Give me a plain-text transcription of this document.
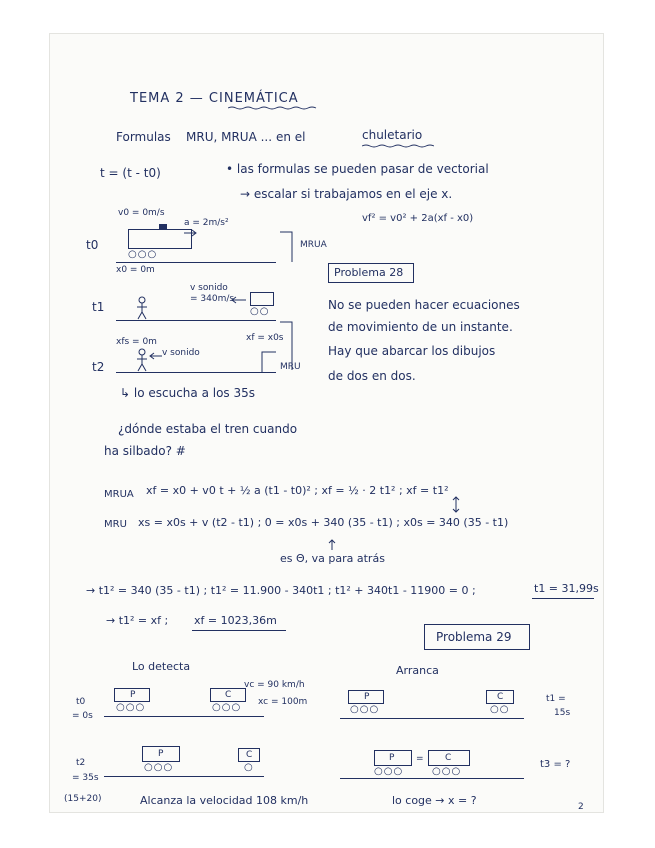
TEMA 2 — CINEMÁTICA
Formulas MRU, MRUA ... en el	chuletario
t = (t - t0)	• las formulas se pueden pasar de vectorial
→ escalar si trabajamos en el eje x.
vf² = v0² + 2a(xf - x0)
v0 = 0m/s
a = 2m/s²
t0
○○○
x0 = 0m
MRUA
v sonido
= 340m/s
t1	○○
xf = x0s
xfs = 0m
v sonido
t2	MRU
↳ lo escucha a los 35s
Problema 28
No se pueden hacer ecuaciones
de movimiento de un instante.
Hay que abarcar los dibujos
de dos en dos.
¿dónde estaba el tren cuando
ha silbado? #
MRUA xf = x0 + v0 t + ½ a (t1 - t0)² ; xf = ½ · 2 t1² ; xf = t1²
MRU xs = x0s + v (t2 - t1) ; 0 = x0s + 340 (35 - t1) ; x0s = 340 (35 - t1)
es Θ, va para atrás
→ t1² = 340 (35 - t1) ; t1² = 11.900 - 340t1 ; t1² + 340t1 - 11900 = 0 ;	t1 = 31,99s
→ t1² = xf ; xf = 1023,36m
Problema 29
Lo detecta	Arranca
vc = 90 km/h
xc = 100m
t0
= 0s
P
○○○
C
○○○
P
○○○
C
○○
t1 =
15s
t2
= 35s
P
○○○
C
○
P
○○○
= C
○○○
t3 = ?
(15+20)	Alcanza la velocidad 108 km/h	lo coge → x = ?	2
